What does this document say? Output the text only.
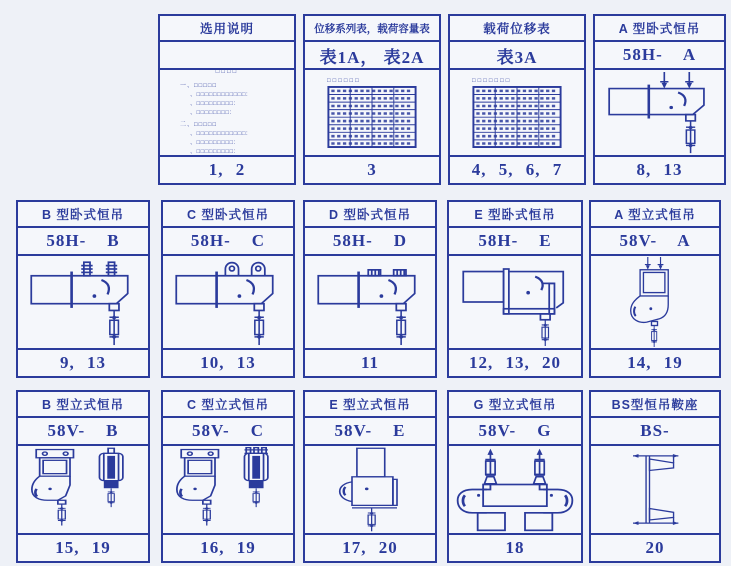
选用说明
□□□□
一、□□□□□
、□□□□□□□□□□□□:
、□□□□□□□□□:
、□□□□□□□□:
二、□□□□□
、□□□□□□□□□□□□:
、□□□□□□□□□:
、□□□□□□□□□:
1, 2
位移系列表，载荷容量表
表1A， 表2A
□□□□□□
3
载荷位移表
表3A
□□□□□□□
4, 5, 6, 7
A 型卧式恒吊
58H-    A
8, 13
B 型卧式恒吊
58H-    B
9, 13
C 型卧式恒吊
58H-    C
10, 13
D 型卧式恒吊
58H-    D
11
E 型卧式恒吊
58H-    E
12, 13, 20
A 型立式恒吊
58V-    A
14, 19
B 型立式恒吊
58V-    B
15, 19
C 型立式恒吊
58V-    C
16, 19
E 型立式恒吊
58V-    E
17, 20
G 型立式恒吊
58V-    G
18
BS型恒吊鞍座
BS-
20
